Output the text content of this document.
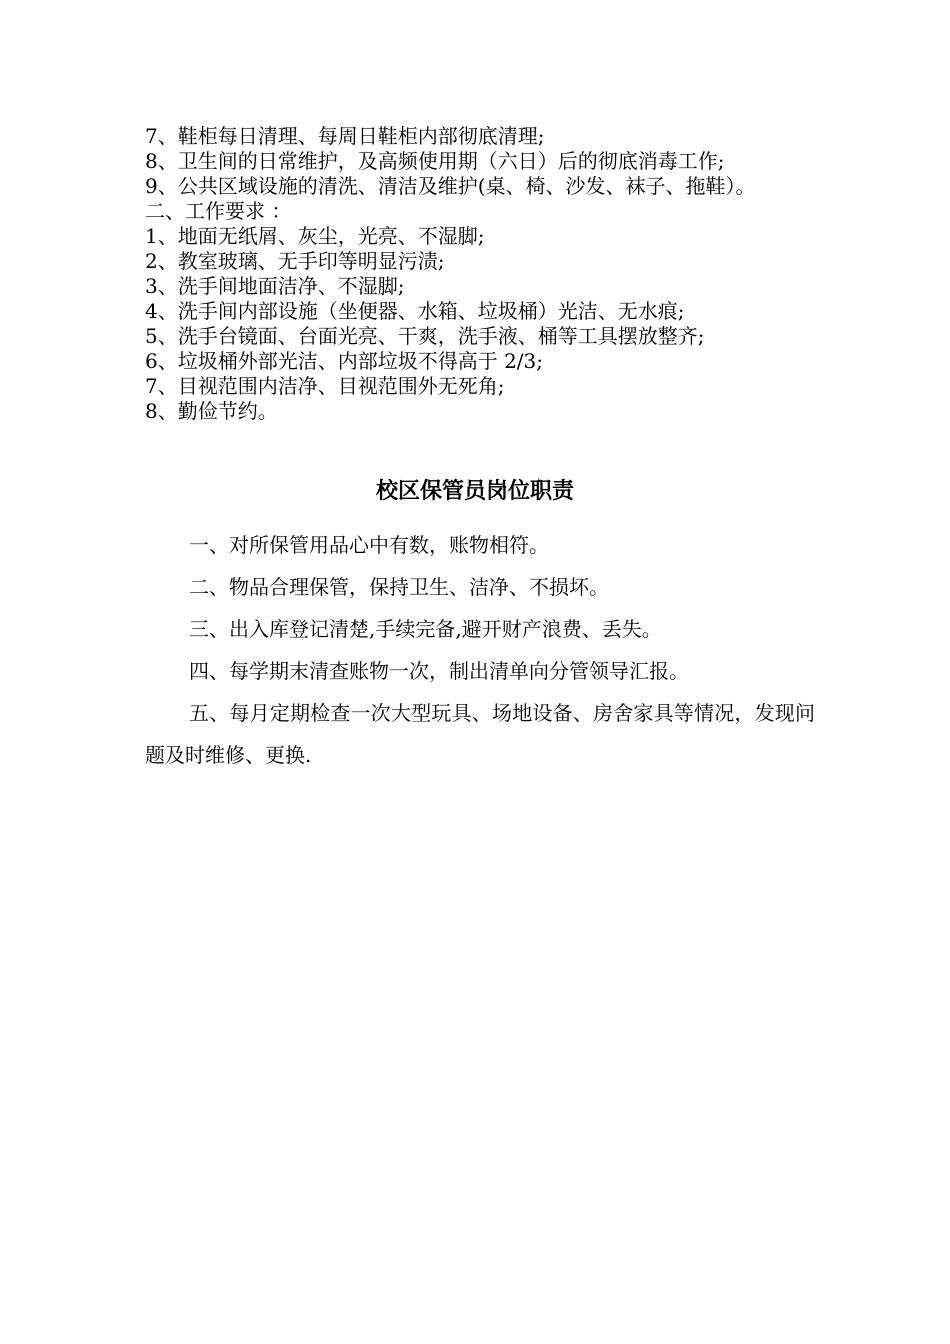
7、鞋柜每日清理、每周日鞋柜内部彻底清理;
8、卫生间的日常维护，及高频使用期（六日）后的彻底消毒工作;
9、公共区域设施的清洗、清洁及维护(桌、椅、沙发、袜子、拖鞋）。
二、工作要求 ：
1、地面无纸屑、灰尘，光亮、不湿脚;
2、教室玻璃、无手印等明显污渍;
3、洗手间地面洁净、不湿脚;
4、洗手间内部设施（坐便器、水箱、垃圾桶）光洁、无水痕;
5、洗手台镜面、台面光亮、干爽，洗手液、桶等工具摆放整齐;
6、垃圾桶外部光洁、内部垃圾不得高于 2/3;
7、目视范围内洁净、目视范围外无死角;
8、勤俭节约。
校区保管员岗位职责
一、对所保管用品心中有数，账物相符。
二、物品合理保管，保持卫生、洁净、不损坏。
三、出入库登记清楚,手续完备,避开财产浪费、丢失。
四、每学期末清查账物一次，制出清单向分管领导汇报。
五、每月定期检查一次大型玩具、场地设备、房舍家具等情况，发现问题及时维修、更换.
